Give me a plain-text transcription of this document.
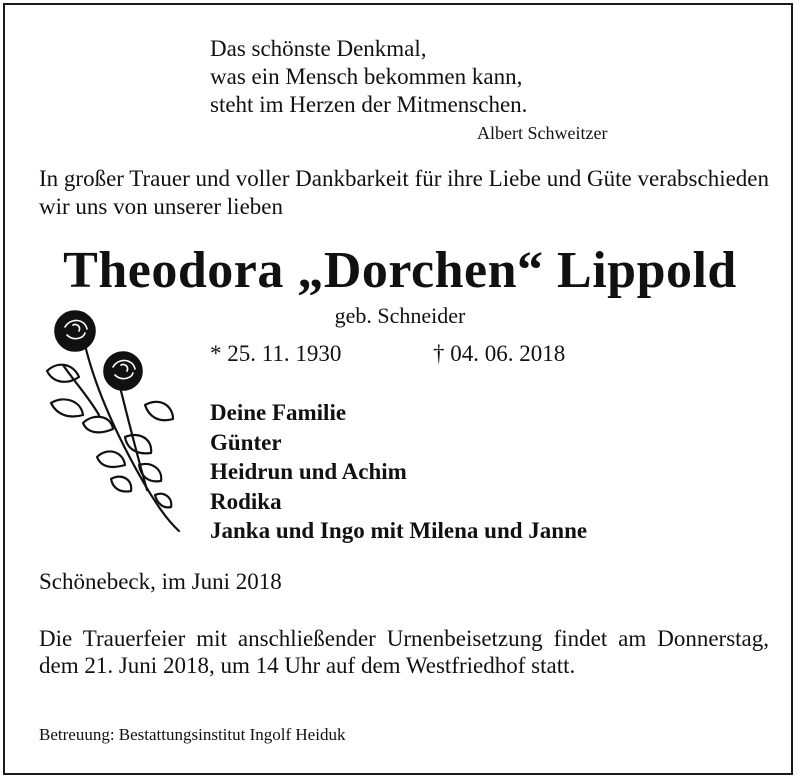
Das schönste Denkmal,
was ein Mensch bekommen kann,
steht im Herzen der Mitmenschen.
Albert Schweitzer
In großer Trauer und voller Dankbarkeit für ihre Liebe und Güte verabschieden wir uns von unserer lieben
Theodora „Dorchen“ Lippold
geb. Schneider
* 25. 11. 1930	† 04. 06. 2018
Deine Familie
Günter
Heidrun und Achim
Rodika
Janka und Ingo mit Milena und Janne
Schönebeck, im Juni 2018
Die Trauerfeier mit anschließender Urnenbeisetzung findet am Donnerstag, dem 21. Juni 2018, um 14 Uhr auf dem Westfriedhof statt.
Betreuung: Bestattungsinstitut Ingolf Heiduk
